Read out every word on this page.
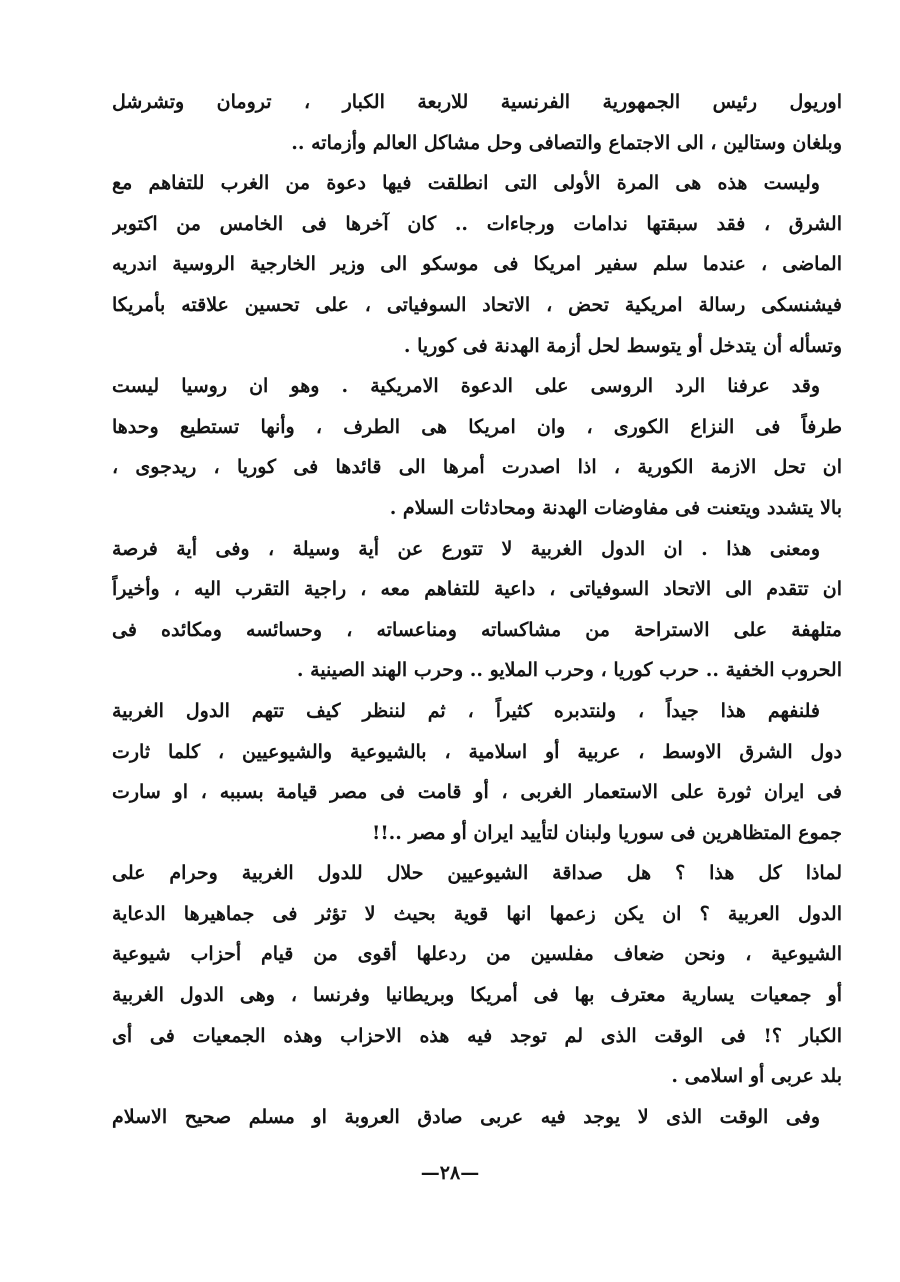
اوريول رئيس الجمهورية الفرنسية للاربعة الكبار ، ترومان وتشرشل
وبلغان وستالين ، الى الاجتماع والتصافى وحل مشاكل العالم وأزماته ..
وليست هذه هى المرة الأولى التى انطلقت فيها دعوة من الغرب للتفاهم مع
الشرق ، فقد سبقتها ندامات ورجاءات .. كان آخرها فى الخامس من اكتوبر
الماضى ، عندما سلم سفير امريكا فى موسكو الى وزير الخارجية الروسية اندريه
فيشنسكى رسالة امريكية تحض ، الاتحاد السوفياتى ، على تحسين علاقته بأمريكا
وتسأله أن يتدخل أو يتوسط لحل أزمة الهدنة فى كوريا .
وقد عرفنا الرد الروسى على الدعوة الامريكية . وهو ان روسيا ليست
طرفاً فى النزاع الكورى ، وان امريكا هى الطرف ، وأنها تستطيع وحدها
ان تحل الازمة الكورية ، اذا اصدرت أمرها الى قائدها فى كوريا ، ريدجوى ،
بالا يتشدد ويتعنت فى مفاوضات الهدنة ومحادثات السلام .
ومعنى هذا . ان الدول الغربية لا تتورع عن أية وسيلة ، وفى أية فرصة
ان تتقدم الى الاتحاد السوفياتى ، داعية للتفاهم معه ، راجية التقرب اليه ، وأخيراً
متلهفة على الاستراحة من مشاكساته ومناعساته ، وحسائسه ومكائده فى
الحروب الخفية .. حرب كوريا ، وحرب الملايو .. وحرب الهند الصينية .
فلنفهم هذا جيداً ، ولنتدبره كثيراً ، ثم لننظر كيف تتهم الدول الغربية
دول الشرق الاوسط ، عربية أو اسلامية ، بالشيوعية والشيوعيين ، كلما ثارت
فى ايران ثورة على الاستعمار الغربى ، أو قامت فى مصر قيامة بسببه ، او سارت
جموع المتظاهرين فى سوريا ولبنان لتأييد ايران أو مصر ..!!
لماذا كل هذا ؟ هل صداقة الشيوعيين حلال للدول الغربية وحرام على
الدول العربية ؟ ان يكن زعمها انها قوية بحيث لا تؤثر فى جماهيرها الدعاية
الشيوعية ، ونحن ضعاف مفلسين من ردعلها أقوى من قيام أحزاب شيوعية
أو جمعيات يسارية معترف بها فى أمريكا وبريطانيا وفرنسا ، وهى الدول الغربية
الكبار ؟! فى الوقت الذى لم توجد فيه هذه الاحزاب وهذه الجمعيات فى أى
بلد عربى أو اسلامى .
وفى الوقت الذى لا يوجد فيه عربى صادق العروبة او مسلم صحيح الاسلام
—٢٨—
